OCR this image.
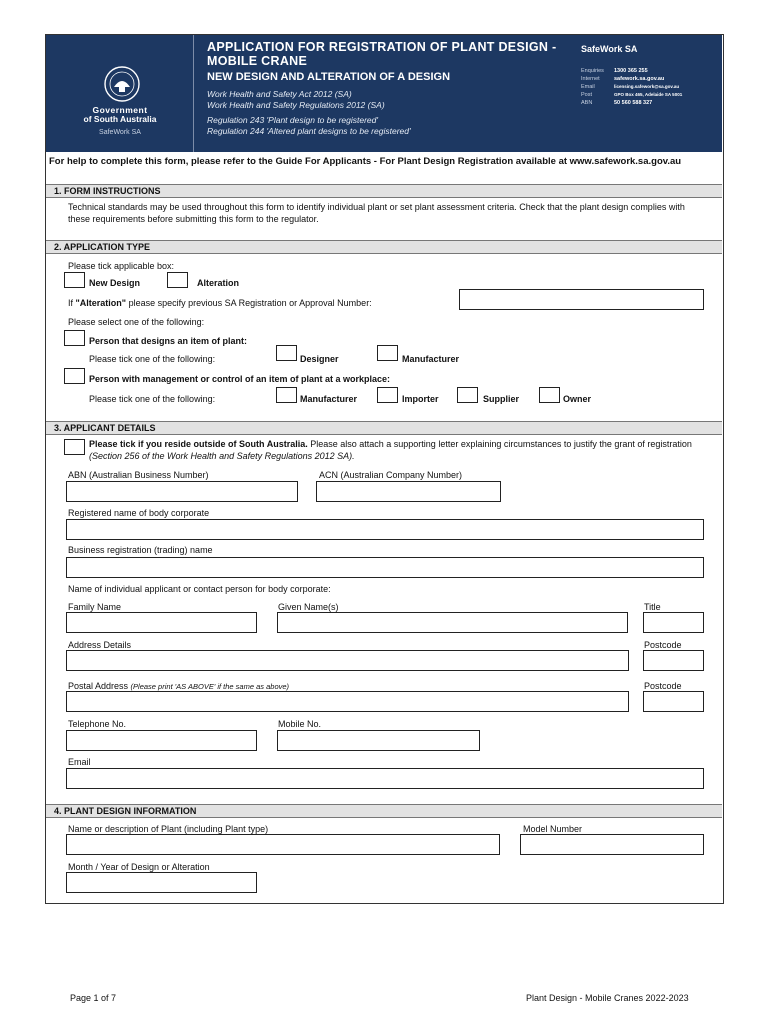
Government
of South Australia
SafeWork SA
APPLICATION FOR REGISTRATION OF PLANT DESIGN - MOBILE CRANE
NEW DESIGN AND ALTERATION OF A DESIGN
Work Health and Safety Act 2012 (SA)
Work Health and Safety Regulations 2012 (SA)
Regulation 243 'Plant design to be registered'
Regulation 244 'Altered plant designs to be registered'
SafeWork SA
Enquiries 1300 365 255
Internet	safework.sa.gov.au
Email	licensing.safework@sa.gov.au
Post	GPO Box 465, Adelaide SA 5001
ABN	50 560 588 327
For help to complete this form, please refer to the Guide For Applicants - For Plant Design Registration available at www.safework.sa.gov.au
1. FORM INSTRUCTIONS
Technical standards may be used throughout this form to identify individual plant or set plant assessment criteria. Check that the plant design complies with these requirements before submitting this form to the regulator.
2. APPLICATION TYPE
Please tick applicable box:
New Design	Alteration
If "Alteration" please specify previous SA Registration or Approval Number:
Please select one of the following:
Person that designs an item of plant:
Please tick one of the following:	Designer	Manufacturer
Person with management or control of an item of plant at a workplace:
Please tick one of the following:	Manufacturer	Importer	Supplier	Owner
3. APPLICANT DETAILS
Please tick if you reside outside of South Australia. Please also attach a supporting letter explaining circumstances to justify the grant of registration (Section 256 of the Work Health and Safety Regulations 2012 SA).
ABN (Australian Business Number)	ACN (Australian Company Number)
Registered name of body corporate
Business registration (trading) name
Name of individual applicant or contact person for body corporate:
Family Name	Given Name(s)	Title
Address Details	Postcode
Postal Address (Please print 'AS ABOVE' if the same as above)	Postcode
Telephone No.	Mobile No.
Email
4. PLANT DESIGN INFORMATION
Name or description of Plant (including Plant type)	Model Number
Month / Year of Design or Alteration
Page 1 of 7	Plant Design - Mobile Cranes 2022-2023
